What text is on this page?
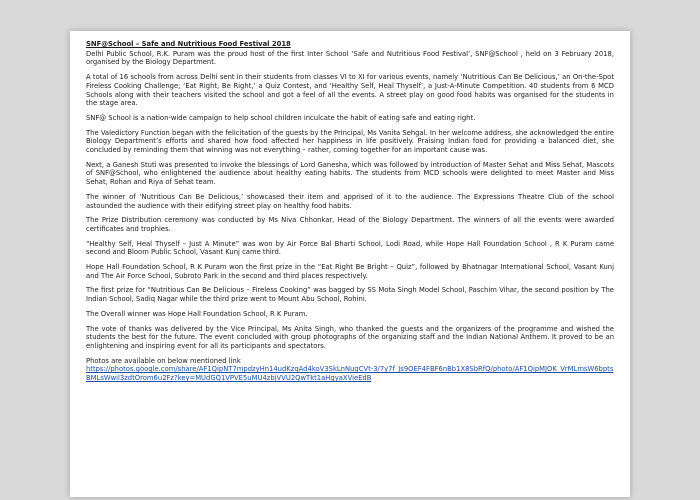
SNF@School – Safe and Nutritious Food Festival 2018

Delhi Public School, R.K. Puram was the proud host of the first Inter School ‘Safe and Nutritious Food Festival’, SNF@School , held on 3 February 2018, organised by the Biology Department.

A total of 16 schools from across Delhi sent in their students from classes VI to XI for various events, namely ‘Nutritious Can Be Delicious,’ an On-the-Spot Fireless Cooking Challenge; ‘Eat Right, Be Right,’ a Quiz Contest, and ‘Healthy Self, Heal Thyself’, a Just-A-Minute Competition. 40 students from 6 MCD Schools along with their teachers visited the school and got a feel of all the events. A street play on good food habits was organised for the students in the stage area.

SNF@ School is a nation-wide campaign to help school children inculcate the habit of eating safe and eating right.

The Valedictory Function began with the felicitation of the guests by the Principal, Ms Vanita Sehgal. In her welcome address, she acknowledged the entire Biology Department’s efforts and shared how food affected her happiness in life positively. Praising Indian food for providing a balanced diet, she concluded by reminding them that winning was not everything – rather, coming together for an important cause was.

Next, a Ganesh Stuti was presented to invoke the blessings of Lord Ganesha, which was followed by introduction of Master Sehat and Miss Sehat, Mascots of SNF@School, who enlightened the audience about healthy eating habits. The students from MCD schools were delighted to meet Master and Miss Sehat, Rohan and Riya of Sehat team.

The winner of ‘Nutritious Can Be Delicious,’ showcased their item and apprised of it to the audience. The Expressions Theatre Club of the school astounded the audience with their edifying street play on healthy food habits.

The Prize Distribution ceremony was conducted by Ms Niva Chhonkar, Head of the Biology Department. The winners of all the events were awarded certificates and trophies.

“Healthy Self, Heal Thyself – Just A Minute” was won by Air Force Bal Bharti School, Lodi Road, while Hope Hall Foundation School , R K Puram came second and Bloom Public School, Vasant Kunj came third.

Hope Hall Foundation School, R K Puram won the first prize in the “Eat Right Be Bright – Quiz”, followed by Bhatnagar International School, Vasant Kunj and The Air Force School, Subroto Park in the second and third places respectively.

The first prize for “Nutritious Can Be Delicious – Fireless Cooking” was bagged by SS Mota Singh Model School, Paschim Vihar, the second position by The Indian School, Sadiq Nagar while the third prize went to Mount Abu School, Rohini.

The Overall winner was Hope Hall Foundation School, R K Puram.

The vote of thanks was delivered by the Vice Principal, Ms Anita Singh, who thanked the guests and the organizers of the programme and wished the students the best for the future. The event concluded with group photographs of the organizing staff and the Indian National Anthem. It proved to be an enlightening and inspiring event for all its participants and spectators.

Photos are available on below mentioned link

https://photos.google.com/share/AF1QipNT7mpdzyHn14udKzqAd4koV3SkLnNuqCVt-3/7y7f_Js9OEF4FBF6nBb1X8SbRfQ/photo/AF1QipMJOK_VrMLmsW6bptsBMLsWwil3zdtOrom6u2Fz?key=MUdGQ1VPVE5uMU4zbjVVU2QwTkt1aHgyaXVieEdB
